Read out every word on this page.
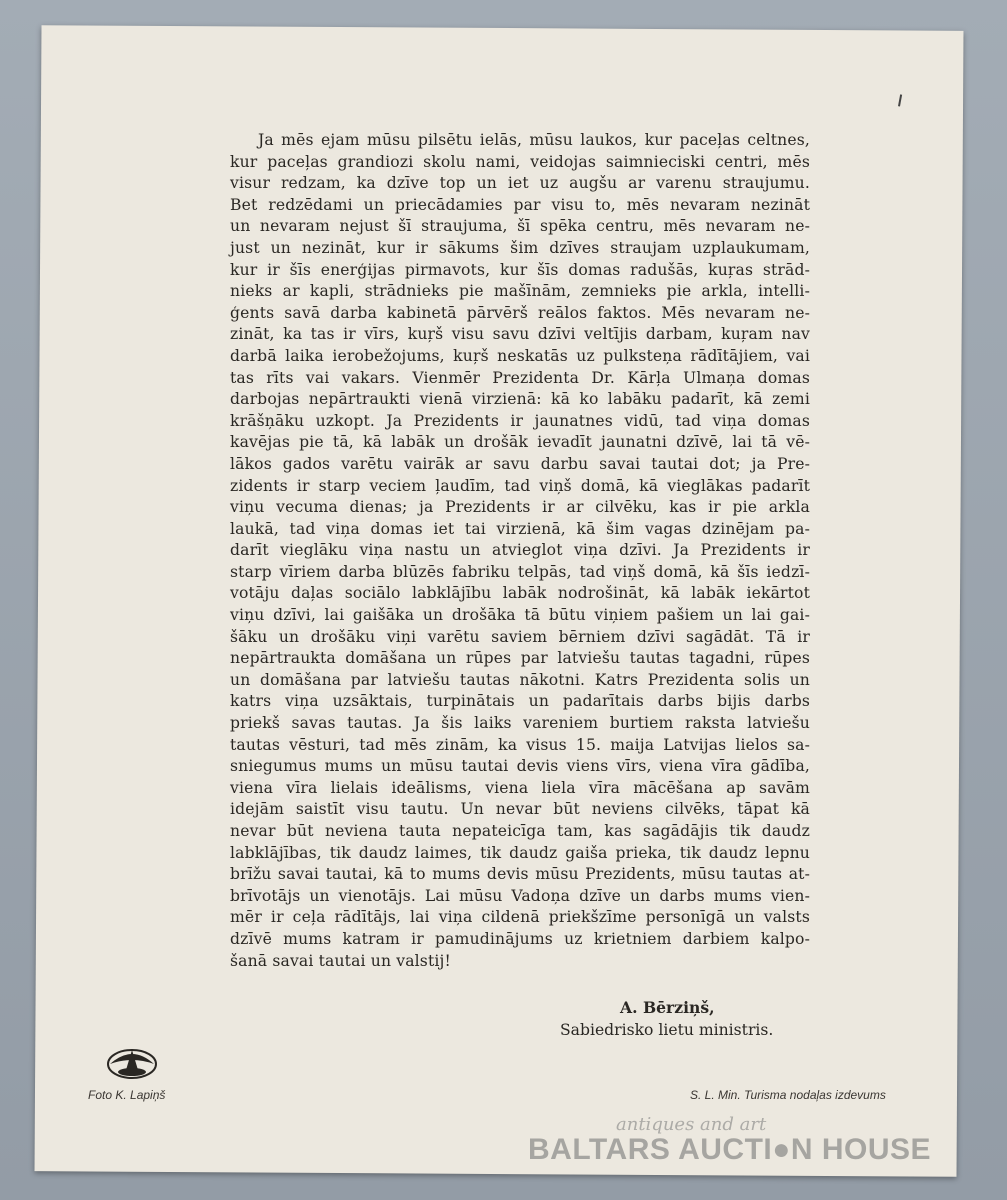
Ja mēs ejam mūsu pilsētu ielās, mūsu laukos, kur paceļas celtnes,
kur paceļas grandiozi skolu nami, veidojas saimnieciski centri, mēs
visur redzam, ka dzīve top un iet uz augšu ar varenu straujumu.
Bet redzēdami un priecādamies par visu to, mēs nevaram nezināt
un nevaram nejust šī straujuma, šī spēka centru, mēs nevaram ne-
just un nezināt, kur ir sākums šim dzīves straujam uzplaukumam,
kur ir šīs enerģijas pirmavots, kur šīs domas radušās, kuŗas strād-
nieks ar kapli, strādnieks pie mašīnām, zemnieks pie arkla, intelli-
ģents savā darba kabinetā pārvērš reālos faktos. Mēs nevaram ne-
zināt, ka tas ir vīrs, kuŗš visu savu dzīvi veltījis darbam, kuŗam nav
darbā laika ierobežojums, kuŗš neskatās uz pulksteņa rādītājiem, vai
tas rīts vai vakars. Vienmēr Prezidenta Dr. Kārļa Ulmaņa domas
darbojas nepārtraukti vienā virzienā: kā ko labāku padarīt, kā zemi
krāšņāku uzkopt. Ja Prezidents ir jaunatnes vidū, tad viņa domas
kavējas pie tā, kā labāk un drošāk ievadīt jaunatni dzīvē, lai tā vē-
lākos gados varētu vairāk ar savu darbu savai tautai dot; ja Pre-
zidents ir starp veciem ļaudīm, tad viņš domā, kā vieglākas padarīt
viņu vecuma dienas; ja Prezidents ir ar cilvēku, kas ir pie arkla
laukā, tad viņa domas iet tai virzienā, kā šim vagas dzinējam pa-
darīt vieglāku viņa nastu un atvieglot viņa dzīvi. Ja Prezidents ir
starp vīriem darba blūzēs fabriku telpās, tad viņš domā, kā šīs iedzī-
votāju daļas sociālo labklājību labāk nodrošināt, kā labāk iekārtot
viņu dzīvi, lai gaišāka un drošāka tā būtu viņiem pašiem un lai gai-
šāku un drošāku viņi varētu saviem bērniem dzīvi sagādāt. Tā ir
nepārtraukta domāšana un rūpes par latviešu tautas tagadni, rūpes
un domāšana par latviešu tautas nākotni. Katrs Prezidenta solis un
katrs viņa uzsāktais, turpinātais un padarītais darbs bijis darbs
priekš savas tautas. Ja šis laiks vareniem burtiem raksta latviešu
tautas vēsturi, tad mēs zinām, ka visus 15. maija Latvijas lielos sa-
sniegumus mums un mūsu tautai devis viens vīrs, viena vīra gādība,
viena vīra lielais ideālisms, viena liela vīra mācēšana ap savām
idejām saistīt visu tautu. Un nevar būt neviens cilvēks, tāpat kā
nevar būt neviena tauta nepateicīga tam, kas sagādājis tik daudz
labklājības, tik daudz laimes, tik daudz gaiša prieka, tik daudz lepnu
brīžu savai tautai, kā to mums devis mūsu Prezidents, mūsu tautas at-
brīvotājs un vienotājs. Lai mūsu Vadoņa dzīve un darbs mums vien-
mēr ir ceļa rādītājs, lai viņa cildenā priekšzīme personīgā un valsts
dzīvē mums katram ir pamudinājums uz krietniem darbiem kalpo-
šanā savai tautai un valstij!
A. Bērziņš,
Sabiedrisko lietu ministris.
Foto K. Lapiņš	S. L. Min. Turisma nodaļas izdevums
antiques and art
BALTARS AUCTI●N HOUSE
